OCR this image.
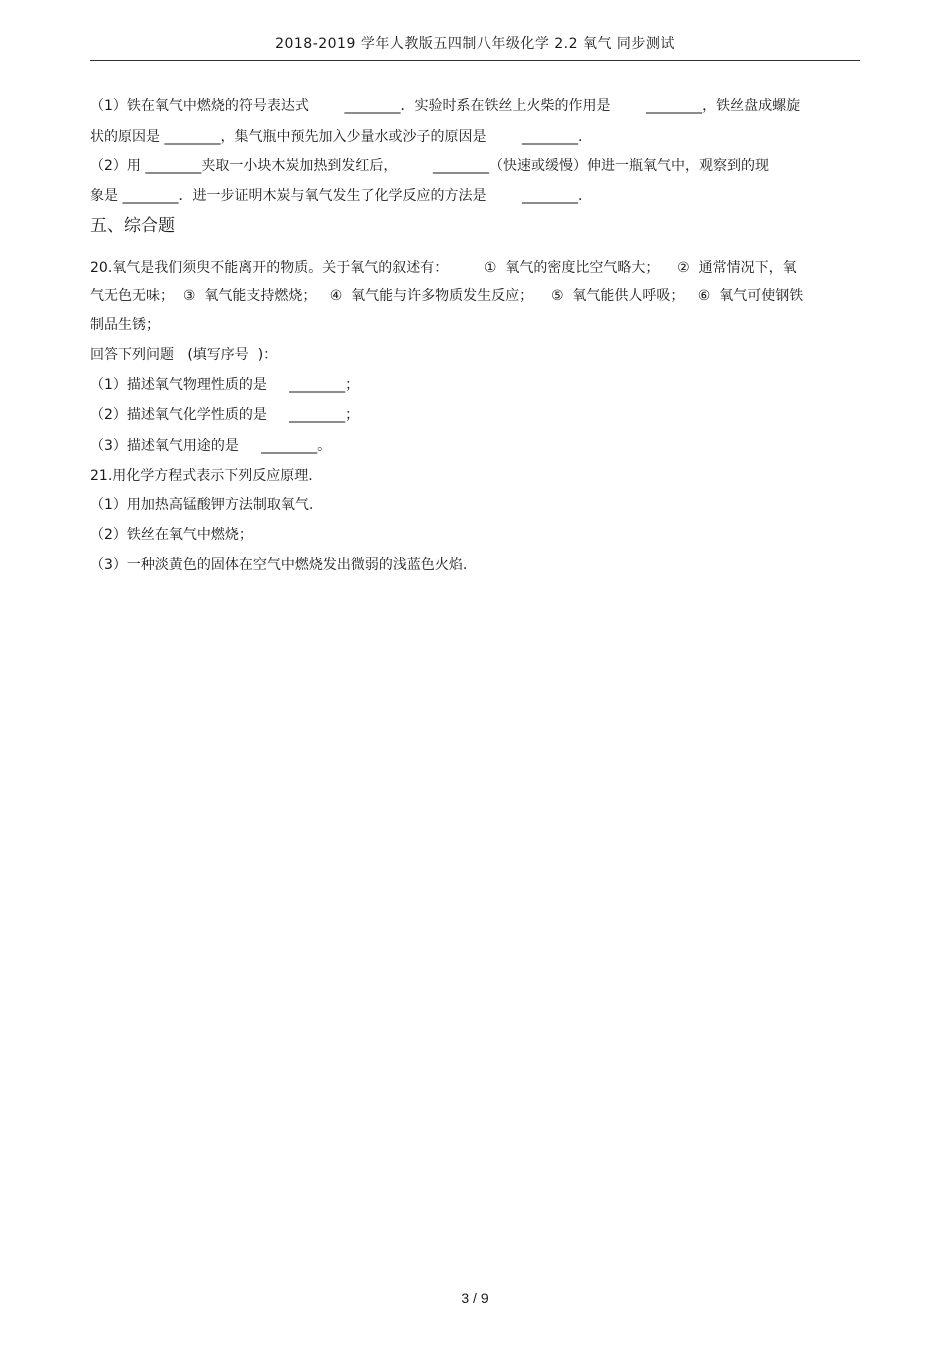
2018-2019 学年人教版五四制八年级化学 2.2 氧气 同步测试
（1）铁在氧气中燃烧的符号表达式        ________．实验时系在铁丝上火柴的作用是        ________，铁丝盘成螺旋
状的原因是 ________，集气瓶中预先加入少量水或沙子的原因是        ________.
（2）用 ________夹取一小块木炭加热到发红后，        ________（快速或缓慢）伸进一瓶氧气中，观察到的现
象是 ________．进一步证明木炭与氧气发生了化学反应的方法是        ________.
五、综合题
20.氧气是我们须臾不能离开的物质。关于氧气的叙述有：        ①  氧气的密度比空气略大；    ②  通常情况下，氧
气无色无味；  ③  氧气能支持燃烧；   ④  氧气能与许多物质发生反应；    ⑤  氧气能供人呼吸；   ⑥  氧气可使钢铁
制品生锈；
回答下列问题   (填写序号  )：
（1）描述氧气物理性质的是     ________；
（2）描述氧气化学性质的是     ________；
（3）描述氧气用途的是     ________。
21.用化学方程式表示下列反应原理.
（1）用加热高锰酸钾方法制取氧气.
（2）铁丝在氧气中燃烧；
（3）一种淡黄色的固体在空气中燃烧发出微弱的浅蓝色火焰.
3 / 9
